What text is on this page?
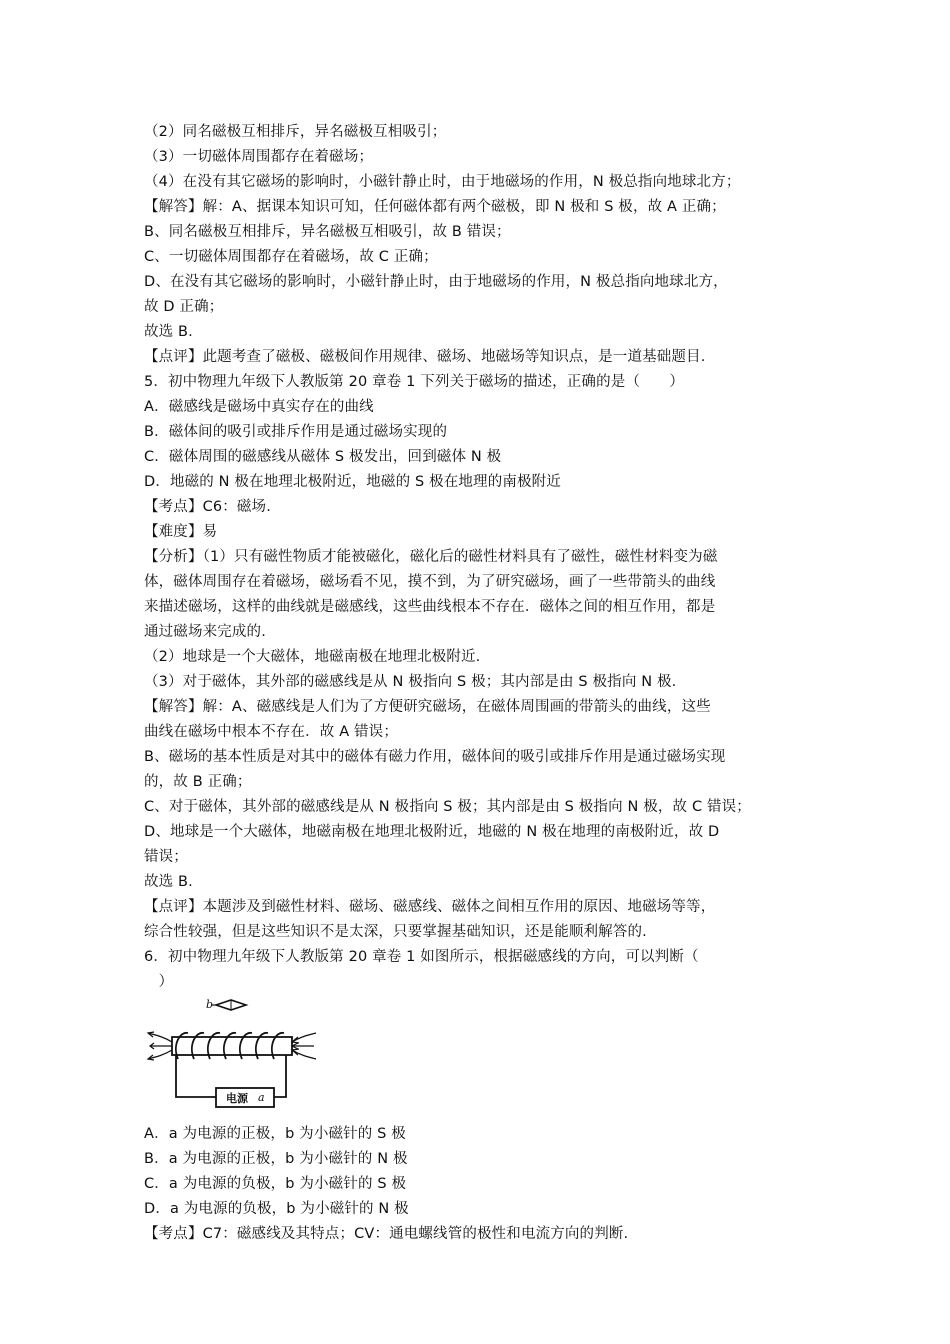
（2）同名磁极互相排斥，异名磁极互相吸引；
（3）一切磁体周围都存在着磁场；
（4）在没有其它磁场的影响时，小磁针静止时，由于地磁场的作用，N 极总指向地球北方；
【解答】解：A、据课本知识可知，任何磁体都有两个磁极，即 N 极和 S 极，故 A 正确；
B、同名磁极互相排斥，异名磁极互相吸引，故 B 错误；
C、一切磁体周围都存在着磁场，故 C 正确；
D、在没有其它磁场的影响时，小磁针静止时，由于地磁场的作用，N 极总指向地球北方，
故 D 正确；
故选 B.
【点评】此题考查了磁极、磁极间作用规律、磁场、地磁场等知识点，是一道基础题目.
5．初中物理九年级下人教版第 20 章卷 1 下列关于磁场的描述，正确的是（　　）
A．磁感线是磁场中真实存在的曲线
B．磁体间的吸引或排斥作用是通过磁场实现的
C．磁体周围的磁感线从磁体 S 极发出，回到磁体 N 极
D．地磁的 N 极在地理北极附近，地磁的 S 极在地理的南极附近
【考点】C6：磁场.
【难度】易
【分析】（1）只有磁性物质才能被磁化，磁化后的磁性材料具有了磁性，磁性材料变为磁
体，磁体周围存在着磁场，磁场看不见，摸不到，为了研究磁场，画了一些带箭头的曲线
来描述磁场，这样的曲线就是磁感线，这些曲线根本不存在．磁体之间的相互作用，都是
通过磁场来完成的.
（2）地球是一个大磁体，地磁南极在地理北极附近.
（3）对于磁体，其外部的磁感线是从 N 极指向 S 极；其内部是由 S 极指向 N 极.
【解答】解：A、磁感线是人们为了方便研究磁场，在磁体周围画的带箭头的曲线，这些
曲线在磁场中根本不存在．故 A 错误；
B、磁场的基本性质是对其中的磁体有磁力作用，磁体间的吸引或排斥作用是通过磁场实现
的，故 B 正确；
C、对于磁体，其外部的磁感线是从 N 极指向 S 极；其内部是由 S 极指向 N 极，故 C 错误；
D、地球是一个大磁体，地磁南极在地理北极附近，地磁的 N 极在地理的南极附近，故 D
错误；
故选 B.
【点评】本题涉及到磁性材料、磁场、磁感线、磁体之间相互作用的原因、地磁场等等，
综合性较强，但是这些知识不是太深，只要掌握基础知识，还是能顺利解答的.
6．初中物理九年级下人教版第 20 章卷 1 如图所示，根据磁感线的方向，可以判断（
　）
b
电源 a
A．a 为电源的正极，b 为小磁针的 S 极
B．a 为电源的正极，b 为小磁针的 N 极
C．a 为电源的负极，b 为小磁针的 S 极
D．a 为电源的负极，b 为小磁针的 N 极
【考点】C7：磁感线及其特点；CV：通电螺线管的极性和电流方向的判断.
